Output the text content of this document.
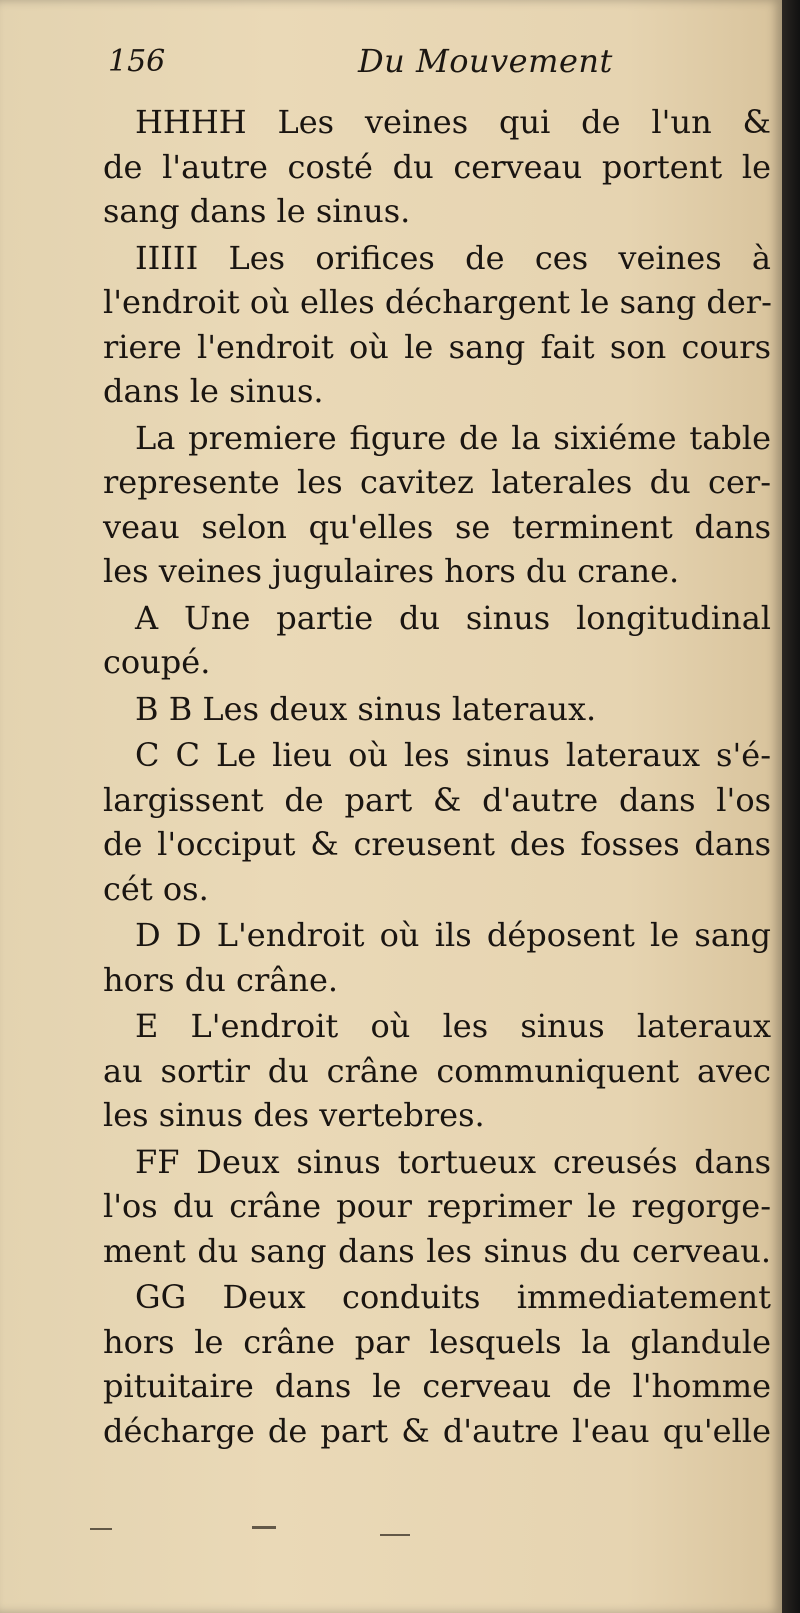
156	Du Mouvement
HHHH Les veines qui de l'un &
de l'autre costé du cerveau portent le
sang dans le sinus.
IIIII Les orifices de ces veines à
l'endroit où elles déchargent le sang der-
riere l'endroit où le sang fait son cours
dans le sinus.
La premiere figure de la sixiéme table
represente les cavitez laterales du cer-
veau selon qu'elles se terminent dans
les veines jugulaires hors du crane.
A Une partie du sinus longitudinal
coupé.
B B Les deux sinus lateraux.
C C Le lieu où les sinus lateraux s'é-
largissent de part & d'autre dans l'os
de l'occiput & creusent des fosses dans
cét os.
D D L'endroit où ils déposent le sang
hors du crâne.
E L'endroit où les sinus lateraux
au sortir du crâne communiquent avec
les sinus des vertebres.
FF Deux sinus tortueux creusés dans
l'os du crâne pour reprimer le regorge-
ment du sang dans les sinus du cerveau.
GG Deux conduits immediatement
hors le crâne par lesquels la glandule
pituitaire dans le cerveau de l'homme
décharge de part & d'autre l'eau qu'elle
